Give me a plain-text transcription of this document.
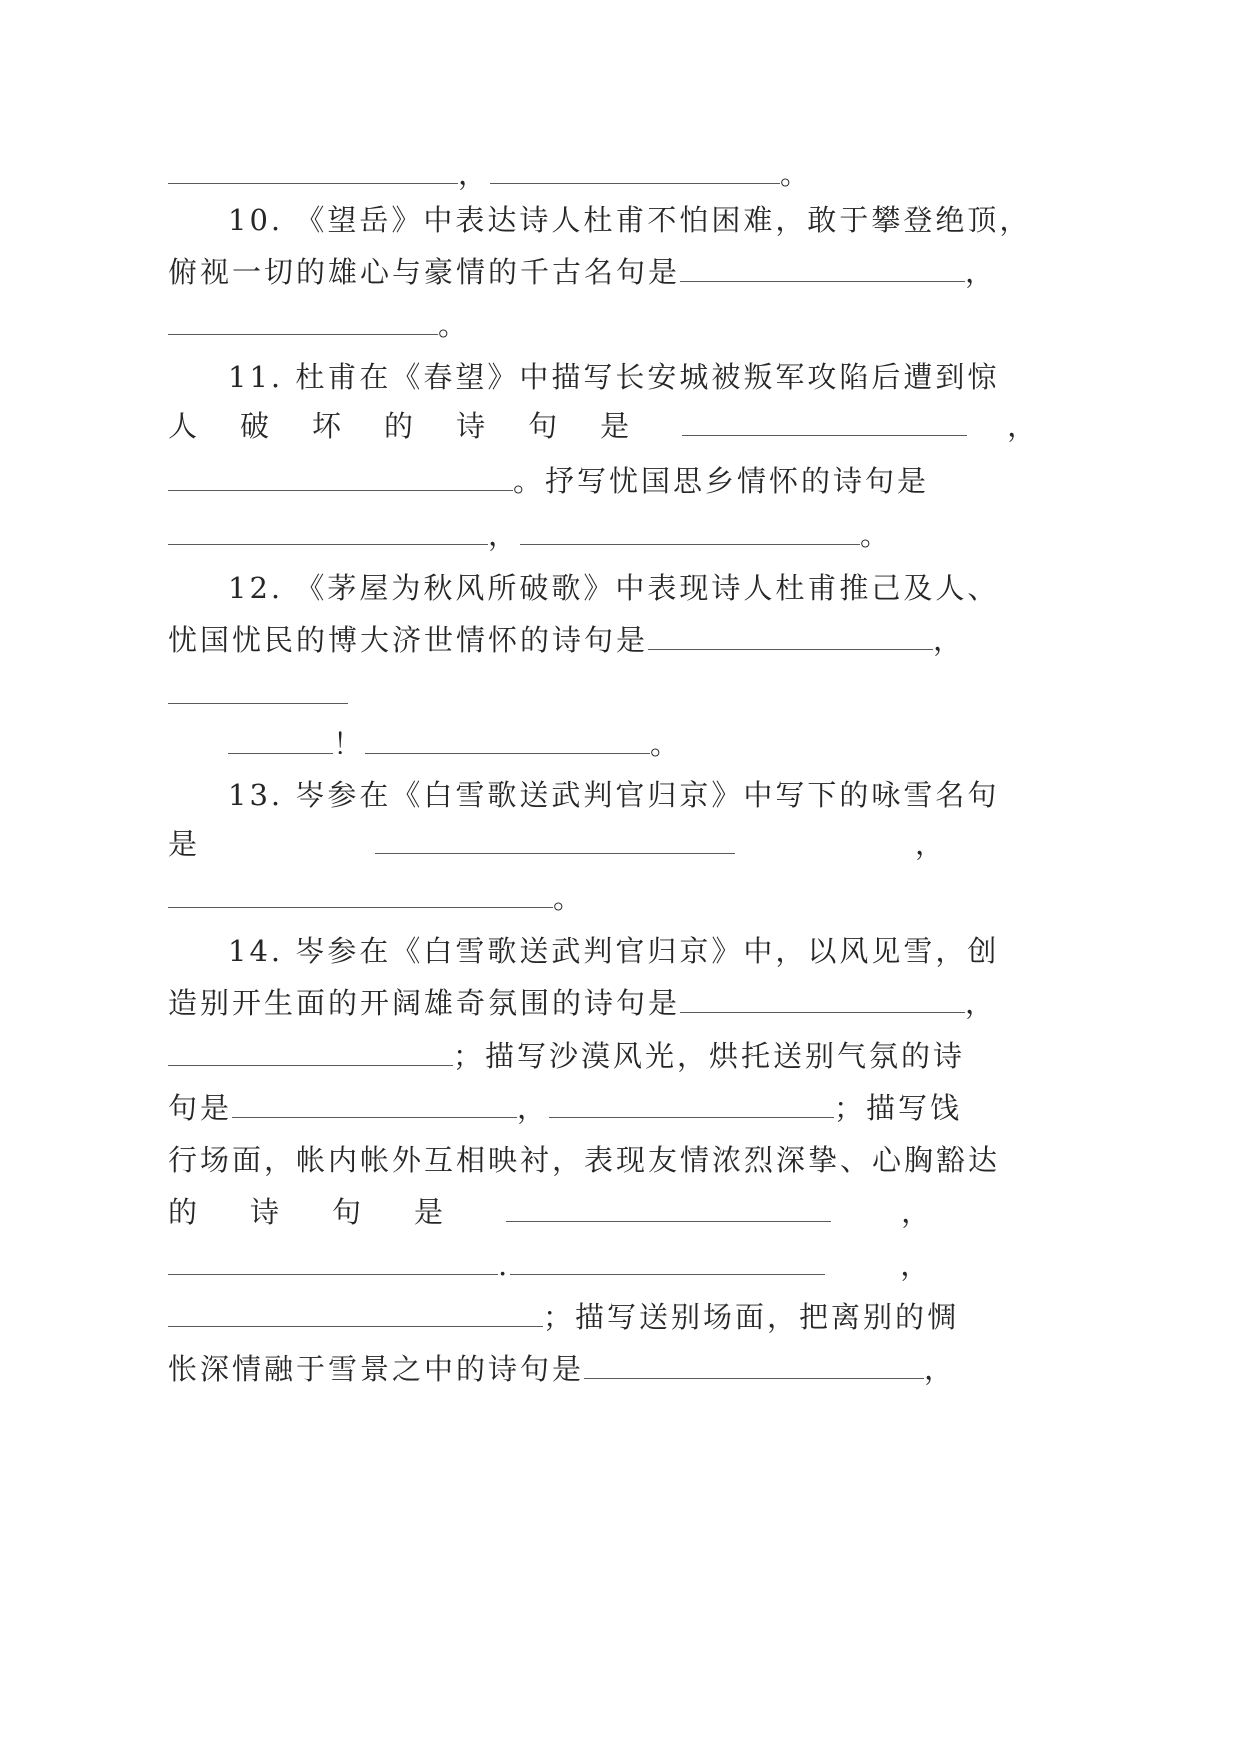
，	。
10. 《望岳》中表达诗人杜甫不怕困难，敢于攀登绝顶，
俯视一切的雄心与豪情的千古名句是	，
。
11. 杜甫在《春望》中描写长安城被叛军攻陷后遭到惊
人 破 坏 的 诗 句 是	，
。抒写忧国思乡情怀的诗句是
，	。
12. 《茅屋为秋风所破歌》中表现诗人杜甫推己及人、
忧国忧民的博大济世情怀的诗句是	，
！	。
13. 岑参在《白雪歌送武判官归京》中写下的咏雪名句
是	，
。
14. 岑参在《白雪歌送武判官归京》中，以风见雪，创
造别开生面的开阔雄奇氛围的诗句是	，
；描写沙漠风光，烘托送别气氛的诗
句是	，	；描写饯
行场面，帐内帐外互相映衬，表现友情浓烈深挚、心胸豁达
的 诗 句 是	，
.	，
；描写送别场面，把离别的惆
怅深情融于雪景之中的诗句是	，
